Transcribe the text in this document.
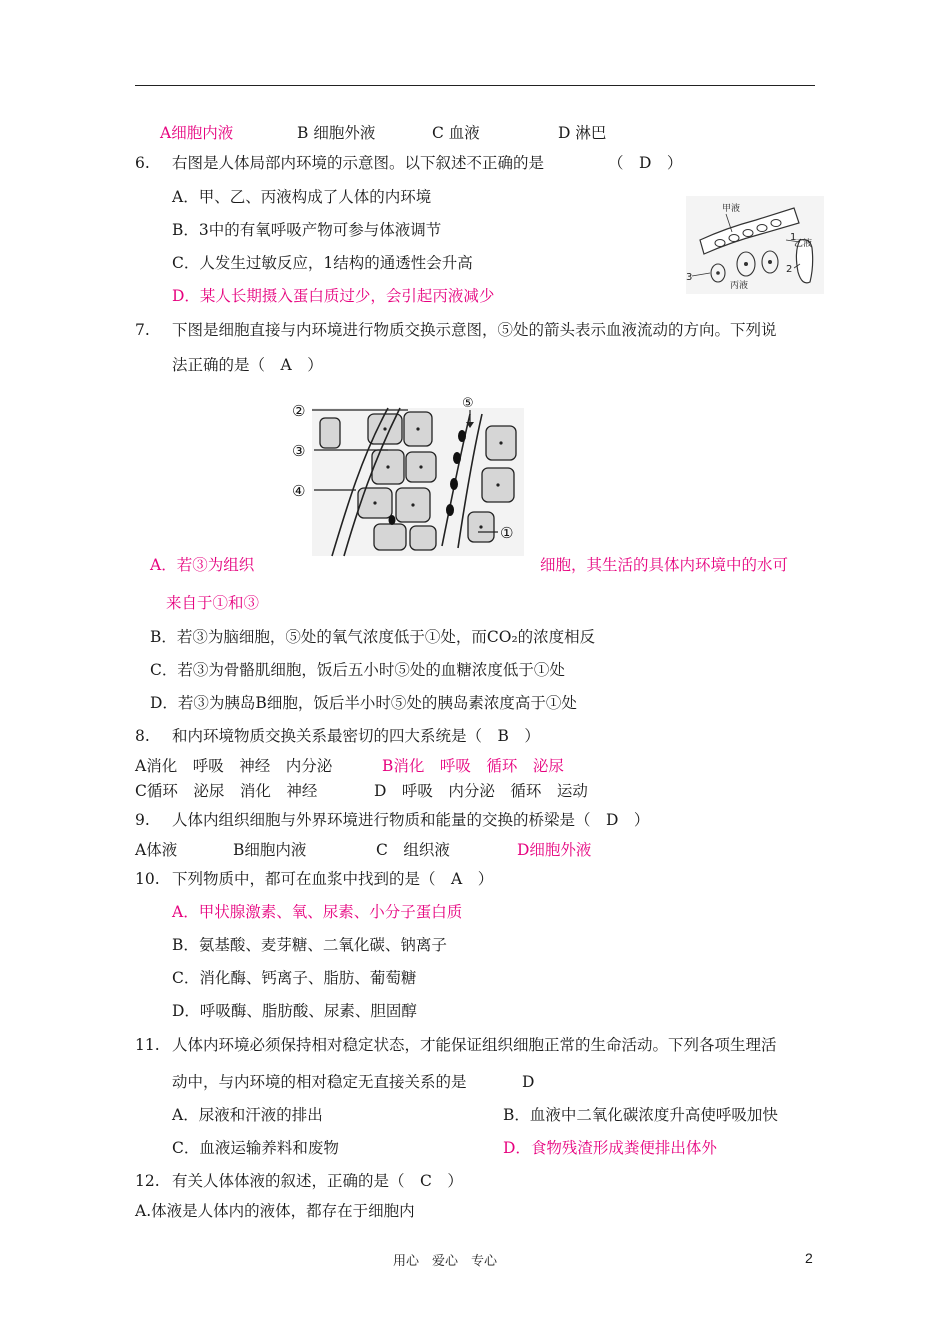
A细胞内液	B 细胞外液	C 血液	D 淋巴
6. 右图是人体局部内环境的示意图。以下叙述不正确的是	（　D　）
A．甲、乙、丙液构成了人体的内环境
B．3中的有氧呼吸产物可参与体液调节
C．人发生过敏反应，1结构的通透性会升高
D．某人长期摄入蛋白质过少，会引起丙液减少
甲液
乙液
丙液
1
2
3
7. 下图是细胞直接与内环境进行物质交换示意图，⑤处的箭头表示血液流动的方向。下列说
法正确的是（　A　）
②
③
④
⑤
①
A．若③为组织	细胞，其生活的具体内环境中的水可
来自于①和③
B．若③为脑细胞，⑤处的氧气浓度低于①处，而CO₂的浓度相反
C．若③为骨骼肌细胞，饭后五小时⑤处的血糖浓度低于①处
D．若③为胰岛B细胞，饭后半小时⑤处的胰岛素浓度高于①处
8. 和内环境物质交换关系最密切的四大系统是（　B　）
A消化　呼吸　神经　内分泌	B消化　呼吸　循环　泌尿
C循环　泌尿　消化　神经	D　呼吸　内分泌　循环　运动
9. 人体内组织细胞与外界环境进行物质和能量的交换的桥梁是（　D　）
A体液	B细胞内液	C　组织液	D细胞外液
10. 下列物质中，都可在血浆中找到的是（　A　）
A．甲状腺激素、氧、尿素、小分子蛋白质
B．氨基酸、麦芽糖、二氧化碳、钠离子
C．消化酶、钙离子、脂肪、葡萄糖
D．呼吸酶、脂肪酸、尿素、胆固醇
11. 人体内环境必须保持相对稳定状态，才能保证组织细胞正常的生命活动。下列各项生理活
动中，与内环境的相对稳定无直接关系的是	D
A．尿液和汗液的排出	B．血液中二氧化碳浓度升高使呼吸加快
C．血液运输养料和废物	D．食物残渣形成粪便排出体外
12. 有关人体体液的叙述，正确的是（　C　）
A.体液是人体内的液体，都存在于细胞内
用心　爱心　专心	2
